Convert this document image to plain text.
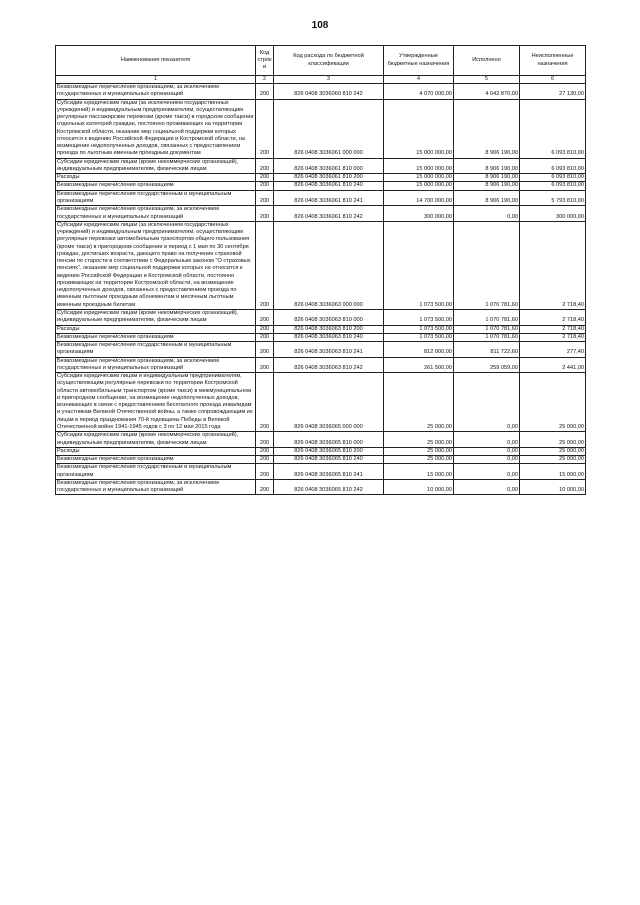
108
Наименование показателя	Код строк и	Код расхода по бюджетной классификации	Утвержденные бюджетные назначения	Исполнено	Неисполненные назначения
1	2	3	4	5	6
Безвозмездные перечисления организациям, за исключением государственных и муниципальных организаций	200	826 0408 3036060 810 242	4 070 000,00	4 042 870,00	27 130,00
Субсидии юридическим лицам (за исключением государственных учреждений) и индивидуальным предпринимателям, осуществляющим регулярные пассажирские перевозки (кроме такси) в городском сообщении отдельных категорий граждан, постоянно проживающих на территории Костромской области, оказание мер социальной поддержки которых относится к ведению Российской Федерации и Костромской области, на возмещение недополученных доходов, связанных с предоставлением проезда по льготным именным проездным документам	200	826 0408 3036061 000 000	15 000 000,00	8 906 190,00	6 093 810,00
Субсидии юридическим лицам (кроме некоммерческих организаций), индивидуальным предпринимателям, физическим лицам	200	826 0408 3036061 810 000	15 000 000,00	8 906 190,00	6 093 810,00
Расходы	200	826 0408 3036061 810 200	15 000 000,00	8 906 190,00	6 093 810,00
Безвозмездные перечисления организациям	200	826 0408 3036061 810 240	15 000 000,00	8 906 190,00	6 093 810,00
Безвозмездные перечисления государственным и муниципальным организациям	200	826 0408 3036061 810 241	14 700 000,00	8 906 190,00	5 793 810,00
Безвозмездные перечисления организациям, за исключением государственных и муниципальных организаций	200	826 0408 3036061 810 242	300 000,00	0,00	300 000,00
Субсидии юридическим лицам (за исключением государственных учреждений) и индивидуальным предпринимателям, осуществляющим регулярные перевозки автомобильным транспортом общего пользования (кроме такси) в пригородном сообщении в период с 1 мая по 30 сентября граждан, достигших возраста, дающего право на получение страховой пенсии по старости в соответствии с Федеральным законом "О страховых пенсиях", оказание мер социальной поддержки которых не относится к ведению Российской Федерации и Костромской области, постоянно проживающих на территории Костромской области, на возмещение недополученных доходов, связанных с предоставлением проезда по именным льготным проездным абонементам и месячным льготным именным проездным билетам	200	826 0408 3036063 000 000	1 073 500,00	1 070 781,60	2 718,40
Субсидии юридическим лицам (кроме некоммерческих организаций), индивидуальным предпринимателям, физическим лицам	200	826 0408 3036063 810 000	1 073 500,00	1 070 781,60	2 718,40
Расходы	200	826 0408 3036063 810 200	1 073 500,00	1 070 781,60	2 718,40
Безвозмездные перечисления организациям	200	826 0408 3036063 810 240	1 073 500,00	1 070 781,60	2 718,40
Безвозмездные перечисления государственным и муниципальным организациям	200	826 0408 3036063 810 241	812 000,00	811 722,60	277,40
Безвозмездные перечисления организациям, за исключением государственных и муниципальных организаций	200	826 0408 3036063 810 242	261 500,00	259 059,00	2 441,00
Субсидии юридическим лицам и индивидуальным предпринимателям, осуществляющим регулярные перевозки по территории Костромской области автомобильным транспортом (кроме такси) в межмуниципальном и пригородном сообщении, на возмещение недополученных доходов, возникающих в связи с предоставлением бесплатного проезда инвалидам и участникам Великой Отечественной войны, а также сопровождающим их лицам в период празднования 70-й годовщины Победы в Великой Отечественной войне 1941-1945 годов с 3 по 12 мая 2015 года	200	826 0408 3036065 000 000	25 000,00	0,00	25 000,00
Субсидии юридическим лицам (кроме некоммерческих организаций), индивидуальным предпринимателям, физическим лицам	200	826 0408 3036065 810 000	25 000,00	0,00	25 000,00
Расходы	200	826 0408 3036065 810 200	25 000,00	0,00	25 000,00
Безвозмездные перечисления организациям	200	826 0408 3036065 810 240	25 000,00	0,00	25 000,00
Безвозмездные перечисления государственным и муниципальным организациям	200	826 0408 3036065 810 241	15 000,00	0,00	15 000,00
Безвозмездные перечисления организациям, за исключением государственных и муниципальных организаций	200	826 0408 3036065 810 242	10 000,00	0,00	10 000,00
